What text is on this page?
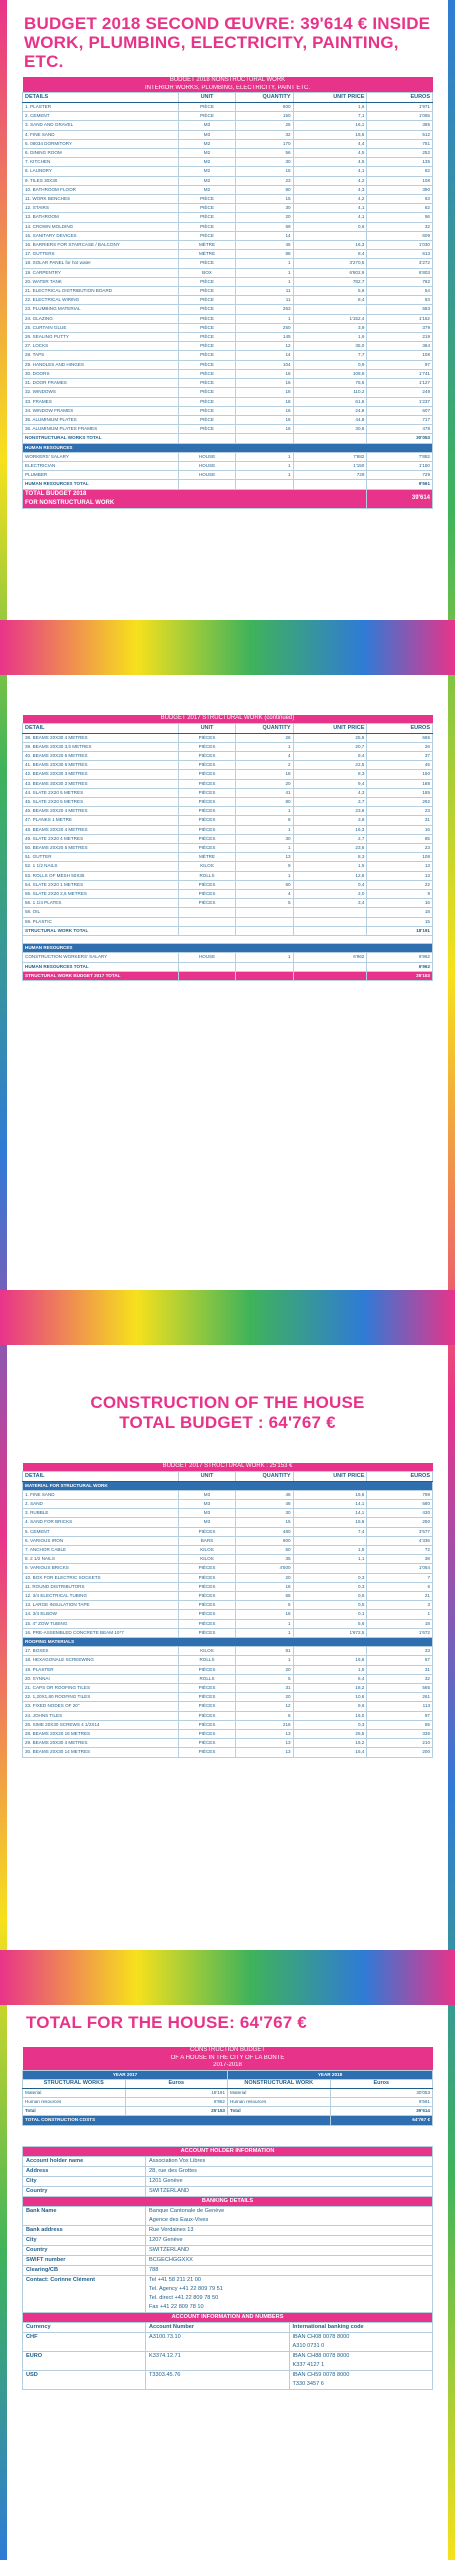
BUDGET 2018 SECOND ŒUVRE: 39'614 € INSIDE WORK, PLUMBING, ELECTRICITY, PAINTING, ETC.
BUDGET 2018 NONSTRUCTURAL WORK				
INTERIOR WORKS, PLUMBING, ELECTRICITY, PAINT ETC.				
DETAILS	UNIT	QUANTITY	UNIT PRICE	EUROS
1. PLASTER	PIÈCE	500	1,6	1'971
2. CEMENT	PIÈCE	150	7,1	1'065
3. SAND AND GRAVEL	M3	25	16,1	385
4. FINE SAND	M3	32	16,6	512
5. 08034 DORMITORY	M2	170	4,4	751
6. DINING ROOM	M2	56	4,5	252
7. KITCHEN	M2	30	4,5	135
8. LAUNDRY	M2	15	4,1	62
9. TILES 30X30	M2	23	4,2	108
10. BATHROOM FLOOR	M2	90	4,3	390
11. WORK BENCHES	PIÈCE	15	4,2	63
12. STAIRS	PIÈCE	30	4,1	62
13. BATHROOM	PIÈCE	20	4,1	56
14. CROWN MOLDING	PIÈCE	69	0,6	32
15. SANITARY DEVICES	PIÈCE	14		609
16. BARRIERS FOR STAIRCASE / BALCONY	MÈTRE	45	16,3	1'030
17. GUTTERS	MÈTRE	88	8,4	613
18. SOLAR PANEL for hot water	PIÈCE	1	3'270,5	3'272
19. CARPENTRY	BOX	1	6'802,9	6'803
20. WATER TANK	PIÈCE	1	782,7	782
21. ELECTRICAL DISTRIBUTION BOARD	PIÈCE	11	5,8	54
22. ELECTRICAL WIRING	PIÈCE	11	8,4	83
23. PLUMBING MATERIAL	PIÈCE	263		683
24. GLAZING	PIÈCE	1	1'152,4	1'152
25. CURTAIN GLUE	PIÈCE	250	3,9	379
26. SEALING PUTTY	PIÈCE	145	1,6	219
27. LOCKS	PIÈCE	12	35,0	384
28. TAPS	PIÈCE	14	7,7	108
29. HANDLES AND HINGES	PIÈCE	104	0,9	97
30. DOORS	PIÈCE	16	108,8	1'741
31. DOOR FRAMES	PIÈCE	16	75,6	1'127
32. WINDOWS	PIÈCE	18	110,2	249
33. FRAMES	PIÈCE	18	61,6	1'237
34. WINDOW FRAMES	PIÈCE	16	24,8	607
35. ALUMINIUM PLATES	PIÈCE	16	44,8	717
36. ALUMINIUM PLATES FRAMES	PIÈCE	16	30,8	478
NONSTRUCTURAL WORKS TOTAL				30'053
HUMAN RESOURCES				
WORKERS' SALARY	HOUSE	1	7'882	7'882
ELECTRICIAN	HOUSE	1	1'150	1'150
PLUMBER	HOUSE	1	729	729
HUMAN RESOURCES TOTAL				9'561

TOTAL BUDGET 2018
FOR NONSTRUCTURAL WORK				39'614
BUDGET 2017 STRUCTURAL WORK (continued)				
DETAIL	UNIT	QUANTITY	UNIT PRICE	EUROS
38. BEAMS 20X30 4 METRES	PIÈCES	26	25,5	665
39. BEAMS 20X30 3,5 METRES	PIÈCES	1	20,7	26
40. BEAMS 20X20 6 METRES	PIÈCES	4	9,4	37
41. BEAMS 20X30 5 METRES	PIÈCES	2	22,5	45
42. BEAMS 20X30 3 METRES	PIÈCES	18	8,3	150
43. BEAMS 30X30 3 METRES	PIÈCES	20	9,4	188
44. SLATE 2X20 5 METRES	PIÈCES	41	4,3	185
45. SLATE 2X20 5 METRES	PIÈCES	80	3,7	292
46. BEAMS 20X20 4 METRES	PIÈCES	1	23,6	23
47. PLANKS 1 METRE	PIÈCES	8	3,8	31
48. BEAMS 20X20 4 METRES	PIÈCES	1	16,3	16
49. SLATE 2X20 4 METRES	PIÈCES	30	2,7	85
50. BEAMS 20X20 5 METRES	PIÈCES	1	23,6	23
51. GUTTER	MÈTRE	13	8,3	108
52. 1 1/2 NAILS	KILOS	9	1,5	13
53. ROLLS OF MESH 50X35	ROLLS	1	12,6	13
54. SLATE 2X20 1 METRES	PIÈCES	60	0,4	22
55. SLATE 2X20 2,5 METRES	PIÈCES	4	2,0	8
56. 1 1/4 PLATES	PIÈCES	5	3,4	16
58. OIL				18
59. PLASTIC				15
STRUCTURAL WORK TOTAL				18'191

HUMAN RESOURCES				
CONSTRUCTION WORKERS' SALARY	HOUSE	1	6'962	6'962
HUMAN RESOURCES TOTAL				6'962
STRUCTURAL WORK BUDGET 2017 TOTAL				25'153
CONSTRUCTION OF THE HOUSE
TOTAL BUDGET : 64'767 €
BUDGET 2017 STRUCTURAL WORK : 25'153 €				
DETAIL	UNIT	QUANTITY	UNIT PRICE	EUROS
MATERIAL FOR STRUCTURAL WORK				
1. FINE SAND	M3	48	16,6	798
2. SAND	M3	48	14,1	680
3. RUBBLE	M3	30	14,1	430
4. SAND FOR BRICKS	M3	15	16,6	250
5. CEMENT	PIÈCES	480	7,4	3'577
6. VARIOUS IRON	BARS	900		4'336
7. ANCHOR CABLE	KILOS	50	1,5	72
8. 2 1/2 NAILS	KILOS	35	1,1	38
9. VARIOUS BRICKS	PIÈCES	4'500		1'054
10. BOX FOR ELECTRIC SOCKETS	PIÈCES	20	0,3	7
11. ROUND DISTRIBUTORS	PIÈCES	18	0,3	6
12. 3/4 ELECTRICAL TUBING	PIÈCES	65	0,6	21
13. LARGE INSULATION TAPE	PIÈCES	5	0,5	3
14. 3/4 ELBOW	PIÈCES	16	0,1	1
15. 4" ZOW TUBING	PIÈCES	1	5,6	18
16. PRE-ASSEMBLED CONCRETE BEAM 10*7	PIÈCES	1	1'672,5	1'672
ROOFING MATERIALS				
17. BOXES	KILOS	81		33
18. HEXAGONALE SCREEWING	ROLLS	1	16,6	67
19. PLASTER	PIÈCES	20	1,5	31
20. SYNNAI	ROLLS	5	6,4	32
21. CAPS OR ROOFING TILES	PIÈCES	31	18,2	565
22. 1,20X1,80 ROOFING TILES	PIÈCES	20	10,6	261
23. FIXED NODES OF 20"	PIÈCES	12	9,6	113
24. JOHNS TILES	PIÈCES	6	16,0	97
26. SIME 20X30 SCREWS 4 1/2X14	PIÈCES	216	0,3	55
28. BEAMS 20X20 16 METRES	PIÈCES	13	25,5	336
29. BEAMS 20X30 4 METRES	PIÈCES	13	16,2	210
30. BEAMS 20X30 14 METRES	PIÈCES	13	15,4	200
TOTAL FOR THE HOUSE: 64'767 €
CONSTRUCTION BUDGET			
OF A HOUSE IN THE CITY OF LA BONTE			
2017-2018			
YEAR 2017		YEAR 2018	
STRUCTURAL WORKS	Euros	NONSTRUCTURAL WORK	Euros
Material	18'191	Material	30'053
Human resources	6'962	Human resources	9'561
Total	25'153	Total	39'614
TOTAL CONSTRUCTION COSTS			64'767 €
ACCOUNT HOLDER INFORMATION		
Account holder name	Association Vox Libres	
Address	28, rue des Grottes	
City	1201 Genève	
Country	SWITZERLAND	
BANKING DETAILS		
Bank Name	Banque Cantonale de Genève
Agence des Eaux-Vives	

Bank address	Rue Verdaines 13	

City	1207 Genève	

Country	SWITZERLAND	

SWIFT number	BCGECHGGXXX	

Clearing/CB	788	

Contact: Corinne Clément	Tel +41 58 211 21 00
Tel. Agency +41 22 809 79 51
Tel. direct +41 22 809 78 50
Fax +41 22 809 78 10	

ACCOUNT INFORMATION AND NUMBERS		
Currency	Account Number	International banking code

CHF	A3100.73.10	IBAN CH08 0078 8000
A310 0731 0

EURO	K3374.12.71	IBAN CH88 0078 8000
K337 4127 1

USD	T3303.45.76	IBAN CH59 0078 8000
T330 3457 6
